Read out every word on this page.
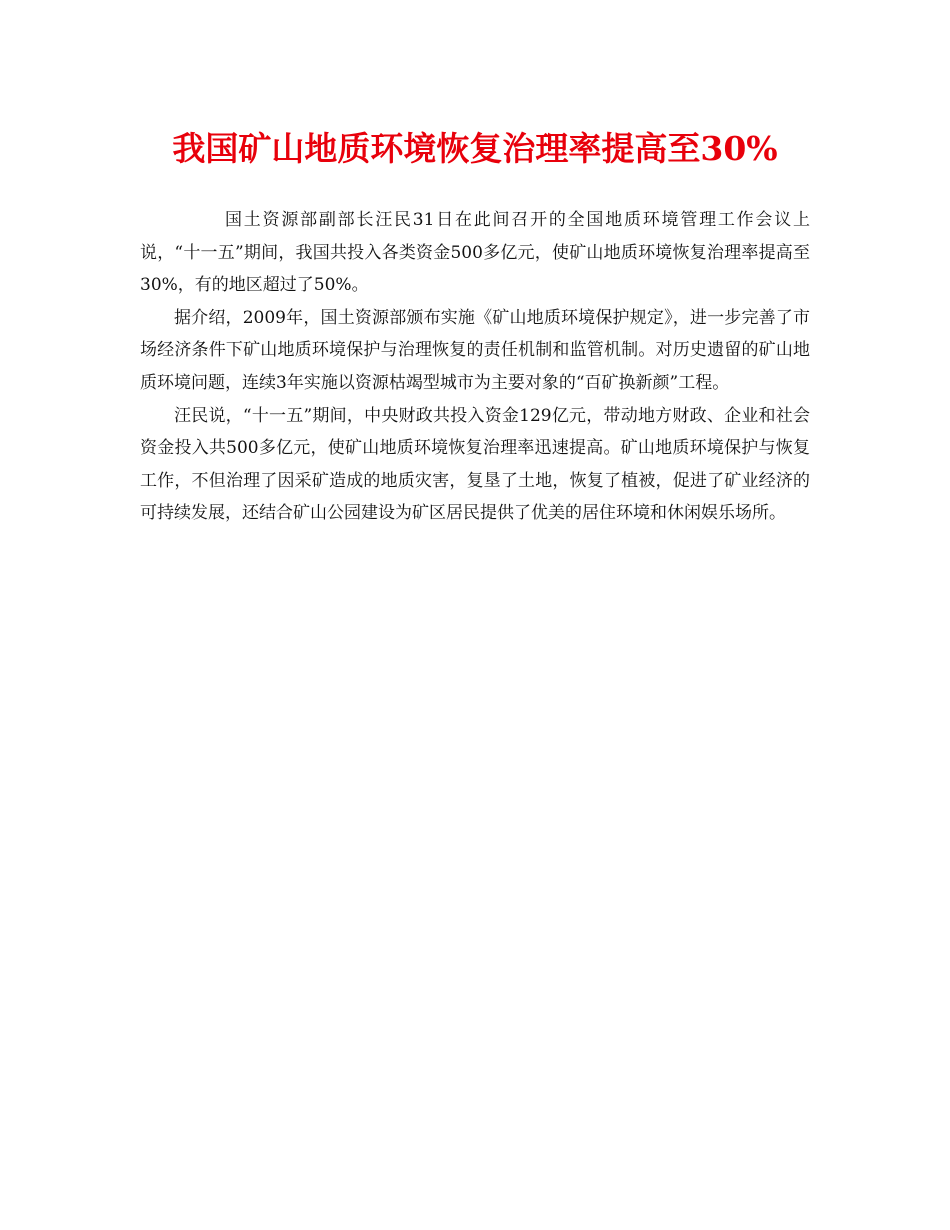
我国矿山地质环境恢复治理率提高至30%

国土资源部副部长汪民31日在此间召开的全国地质环境管理工作会议上说，“十一五”期间，我国共投入各类资金500多亿元，使矿山地质环境恢复治理率提高至30%，有的地区超过了50%。

据介绍，2009年，国土资源部颁布实施《矿山地质环境保护规定》，进一步完善了市场经济条件下矿山地质环境保护与治理恢复的责任机制和监管机制。对历史遗留的矿山地质环境问题，连续3年实施以资源枯竭型城市为主要对象的“百矿换新颜”工程。

汪民说，“十一五”期间，中央财政共投入资金129亿元，带动地方财政、企业和社会资金投入共500多亿元，使矿山地质环境恢复治理率迅速提高。矿山地质环境保护与恢复工作，不但治理了因采矿造成的地质灾害，复垦了土地，恢复了植被，促进了矿业经济的可持续发展，还结合矿山公园建设为矿区居民提供了优美的居住环境和休闲娱乐场所。
